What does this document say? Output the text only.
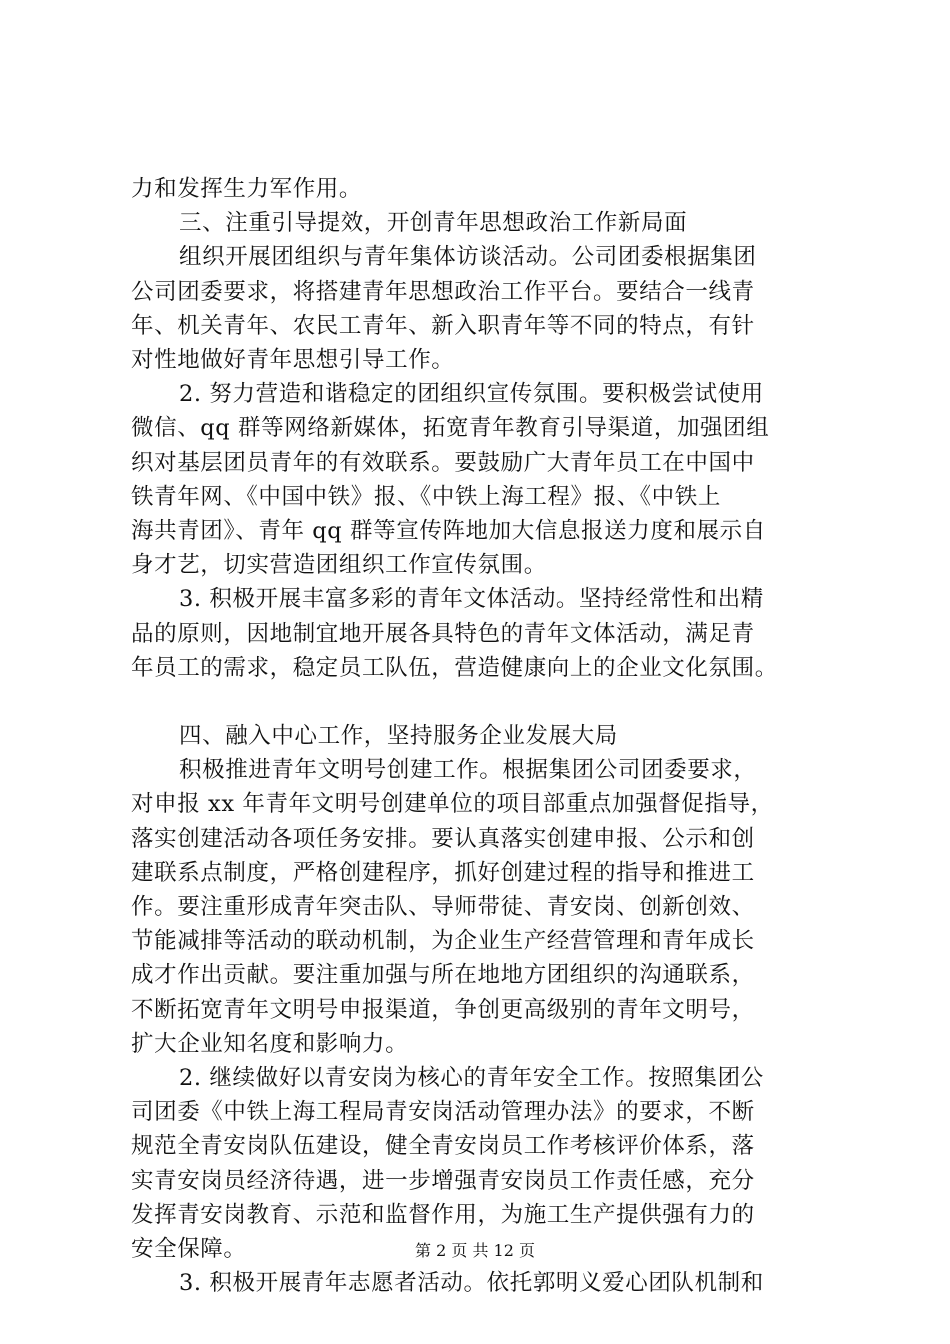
力和发挥生力军作用。
三、注重引导提效，开创青年思想政治工作新局面
组织开展团组织与青年集体访谈活动。公司团委根据集团
公司团委要求，将搭建青年思想政治工作平台。要结合一线青
年、机关青年、农民工青年、新入职青年等不同的特点，有针
对性地做好青年思想引导工作。
2. 努力营造和谐稳定的团组织宣传氛围。要积极尝试使用
微信、qq 群等网络新媒体，拓宽青年教育引导渠道，加强团组
织对基层团员青年的有效联系。要鼓励广大青年员工在中国中
铁青年网、《中国中铁》报、《中铁上海工程》报、《中铁上
海共青团》、青年 qq 群等宣传阵地加大信息报送力度和展示自
身才艺，切实营造团组织工作宣传氛围。
3. 积极开展丰富多彩的青年文体活动。坚持经常性和出精
品的原则，因地制宜地开展各具特色的青年文体活动，满足青
年员工的需求，稳定员工队伍，营造健康向上的企业文化氛围。
四、融入中心工作，坚持服务企业发展大局
积极推进青年文明号创建工作。根据集团公司团委要求，
对申报 xx 年青年文明号创建单位的项目部重点加强督促指导，
落实创建活动各项任务安排。要认真落实创建申报、公示和创
建联系点制度，严格创建程序，抓好创建过程的指导和推进工
作。要注重形成青年突击队、导师带徒、青安岗、创新创效、
节能减排等活动的联动机制，为企业生产经营管理和青年成长
成才作出贡献。要注重加强与所在地地方团组织的沟通联系，
不断拓宽青年文明号申报渠道，争创更高级别的青年文明号，
扩大企业知名度和影响力。
2. 继续做好以青安岗为核心的青年安全工作。按照集团公
司团委《中铁上海工程局青安岗活动管理办法》的要求，不断
规范全青安岗队伍建设，健全青安岗员工作考核评价体系，落
实青安岗员经济待遇，进一步增强青安岗员工作责任感，充分
发挥青安岗教育、示范和监督作用，为施工生产提供强有力的
安全保障。
3. 积极开展青年志愿者活动。依托郭明义爱心团队机制和
第 2 页 共 12 页
